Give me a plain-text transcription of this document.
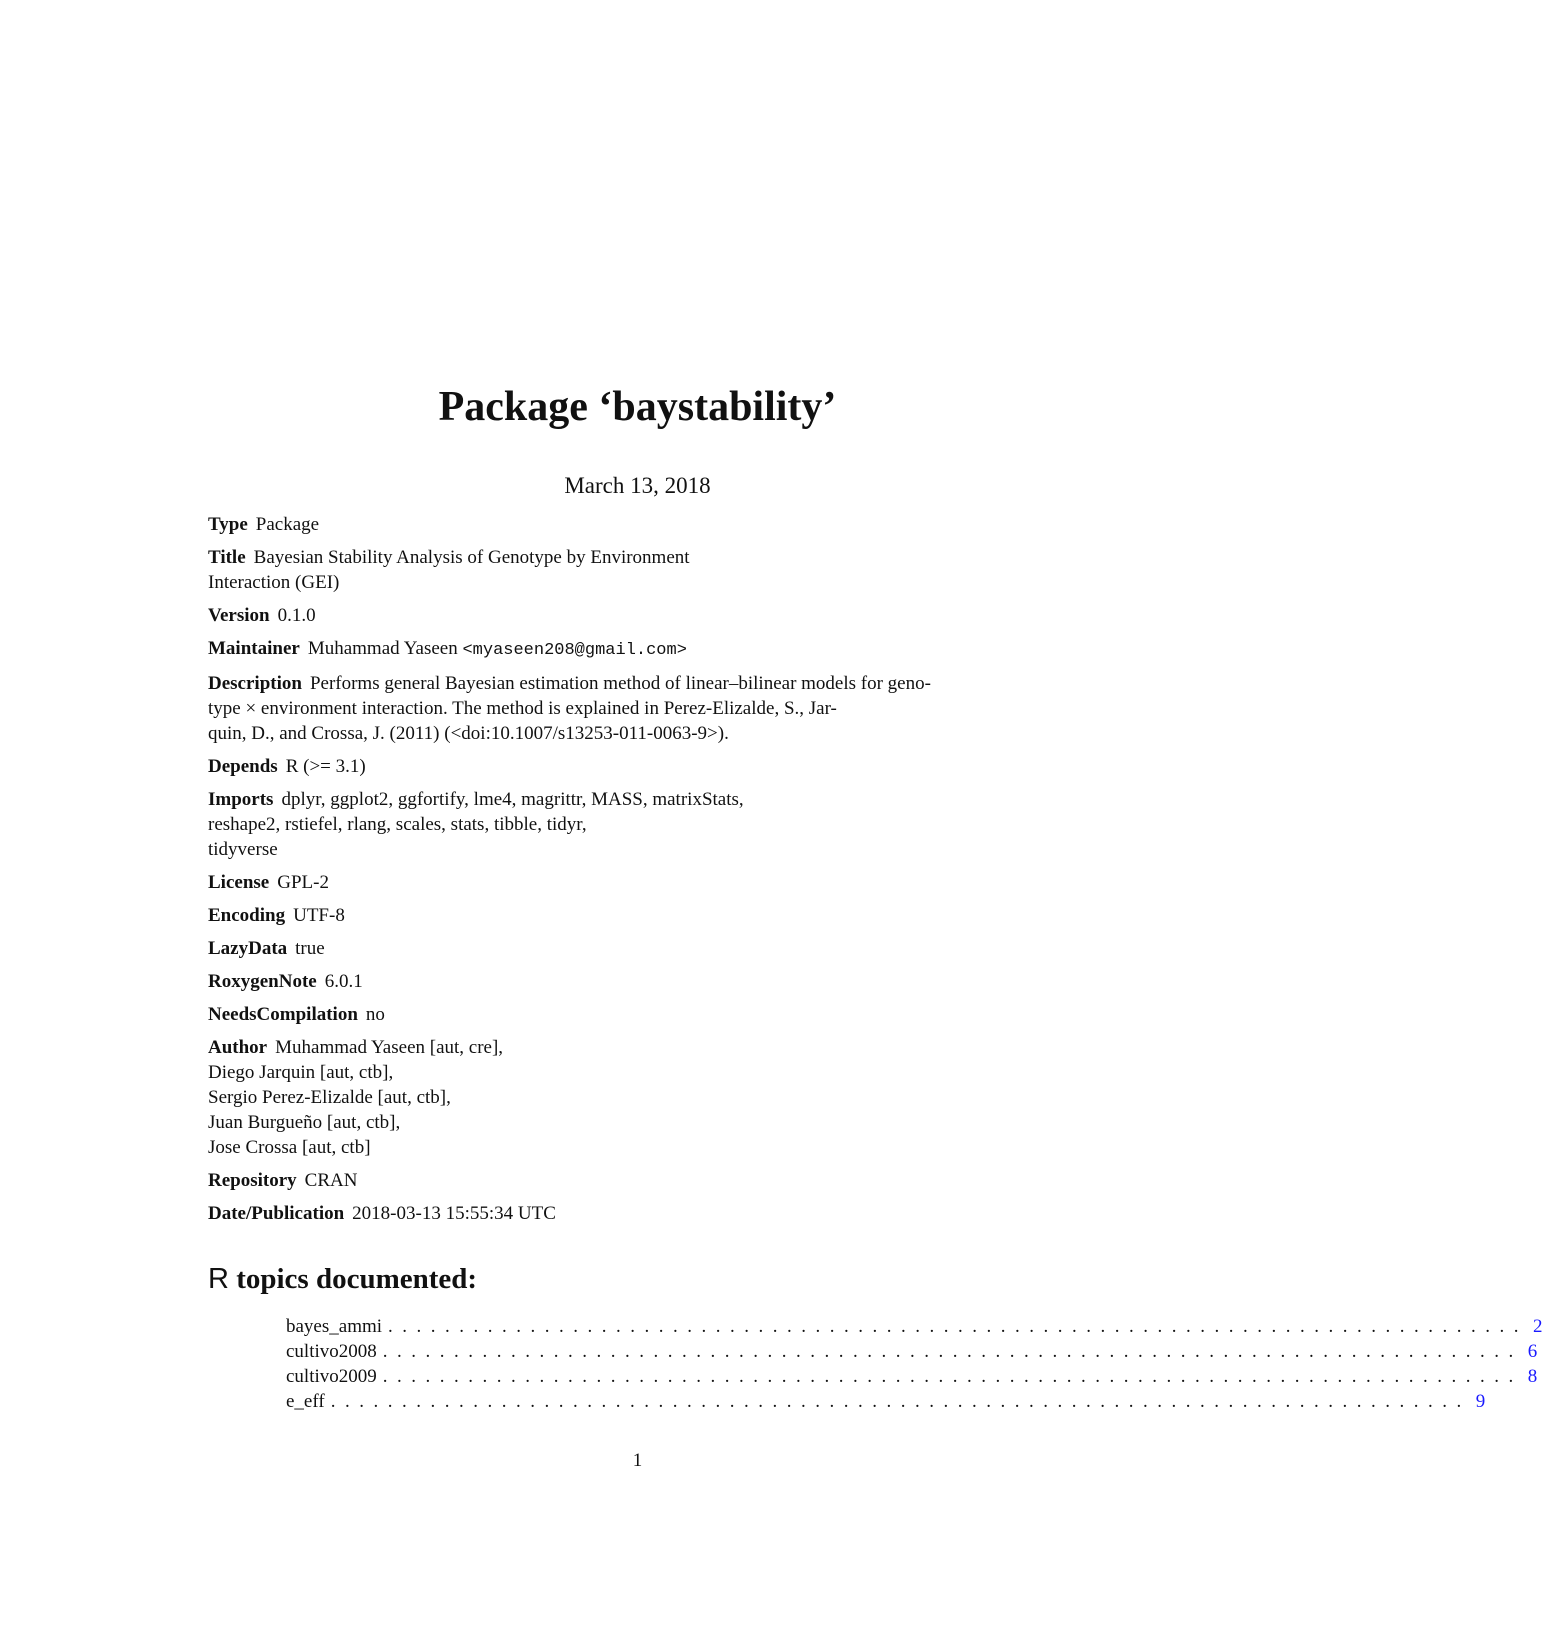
Package ‘baystability’
March 13, 2018
Type Package
Title Bayesian Stability Analysis of Genotype by Environment
Interaction (GEI)
Version 0.1.0
Maintainer Muhammad Yaseen <myaseen208@gmail.com>
Description Performs general Bayesian estimation method of linear–bilinear models for geno-
type × environment interaction. The method is explained in Perez-Elizalde, S., Jar-
quin, D., and Crossa, J. (2011) (<doi:10.1007/s13253-011-0063-9>).
Depends R (>= 3.1)
Imports dplyr, ggplot2, ggfortify, lme4, magrittr, MASS, matrixStats,
reshape2, rstiefel, rlang, scales, stats, tibble, tidyr,
tidyverse
License GPL-2
Encoding UTF-8
LazyData true
RoxygenNote 6.0.1
NeedsCompilation no
Author Muhammad Yaseen [aut, cre],
Diego Jarquin [aut, ctb],
Sergio Perez-Elizalde [aut, ctb],
Juan Burgueño [aut, ctb],
Jose Crossa [aut, ctb]
Repository CRAN
Date/Publication 2018-03-13 15:55:34 UTC
R topics documented:
bayes_ammi . . . . . . . . . . . . . . . . . . . . . . . . . . . . . . . . . . . . . . . . . . . . . . . . . . . . . . . . . . . . . . . . . . . . . . . . . . . . . . . . 2
cultivo2008 . . . . . . . . . . . . . . . . . . . . . . . . . . . . . . . . . . . . . . . . . . . . . . . . . . . . . . . . . . . . . . . . . . . . . . . . . . . . . . . . 6
cultivo2009 . . . . . . . . . . . . . . . . . . . . . . . . . . . . . . . . . . . . . . . . . . . . . . . . . . . . . . . . . . . . . . . . . . . . . . . . . . . . . . . . 8
e_eff . . . . . . . . . . . . . . . . . . . . . . . . . . . . . . . . . . . . . . . . . . . . . . . . . . . . . . . . . . . . . . . . . . . . . . . . . . . . . . . . 9
1
